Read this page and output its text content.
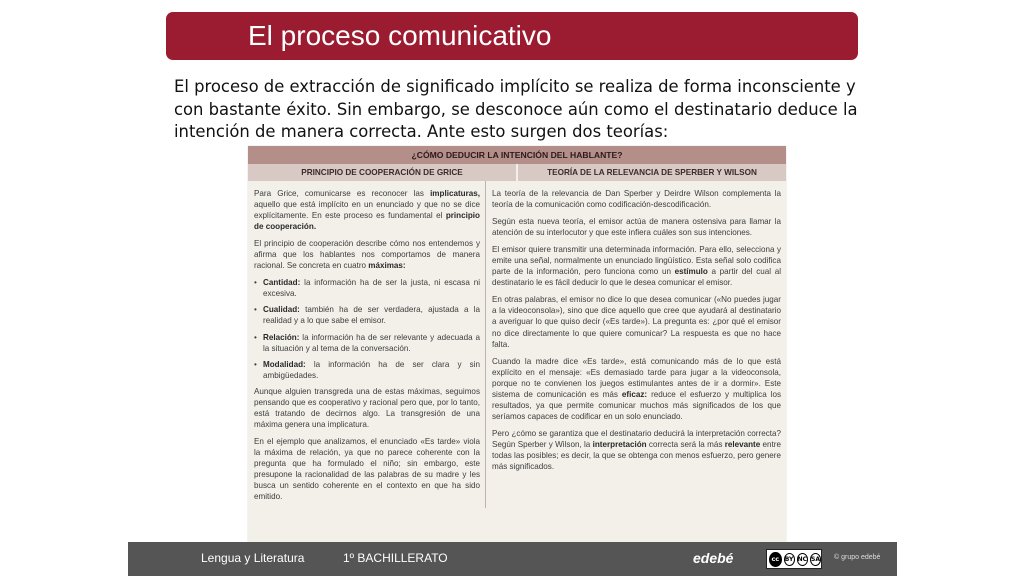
El proceso comunicativo
El proceso de extracción de significado implícito se realiza de forma inconsciente y con bastante éxito. Sin embargo, se desconoce aún como el destinatario deduce la intención de manera correcta. Ante esto surgen dos teorías:
¿CÓMO DEDUCIR LA INTENCIÓN DEL HABLANTE?
PRINCIPIO DE COOPERACIÓN DE GRICE	TEORÍA DE LA RELEVANCIA DE SPERBER Y WILSON

Para Grice, comunicarse es reconocer las implicaturas, aquello que está implícito en un enunciado y que no se dice explícitamente. En este proceso es fundamental el principio de cooperación.

El principio de cooperación describe cómo nos entendemos y afirma que los hablantes nos comportamos de manera racional. Se concreta en cuatro máximas:

• Cantidad: la información ha de ser la justa, ni escasa ni excesiva.
• Cualidad: también ha de ser verdadera, ajustada a la realidad y a lo que sabe el emisor.
• Relación: la información ha de ser relevante y adecuada a la situación y al tema de la conversación.
• Modalidad: la información ha de ser clara y sin ambigüedades.

Aunque alguien transgreda una de estas máximas, seguimos pensando que es cooperativo y racional pero que, por lo tanto, está tratando de decirnos algo. La transgresión de una máxima genera una implicatura.

En el ejemplo que analizamos, el enunciado «Es tarde» viola la máxima de relación, ya que no parece coherente con la pregunta que ha formulado el niño; sin embargo, este presupone la racionalidad de las palabras de su madre y les busca un sentido coherente en el contexto en que ha sido emitido.

La teoría de la relevancia de Dan Sperber y Deirdre Wilson complementa la teoría de la comunicación como codificación-descodificación.

Según esta nueva teoría, el emisor actúa de manera ostensiva para llamar la atención de su interlocutor y que este infiera cuáles son sus intenciones.

El emisor quiere transmitir una determinada información. Para ello, selecciona y emite una señal, normalmente un enunciado lingüístico. Esta señal solo codifica parte de la información, pero funciona como un estímulo a partir del cual al destinatario le es fácil deducir lo que le desea comunicar el emisor.

En otras palabras, el emisor no dice lo que desea comunicar («No puedes jugar a la videoconsola»), sino que dice aquello que cree que ayudará al destinatario a averiguar lo que quiso decir («Es tarde»). La pregunta es: ¿por qué el emisor no dice directamente lo que quiere comunicar? La respuesta es que no hace falta.

Cuando la madre dice «Es tarde», está comunicando más de lo que está explícito en el mensaje: «Es demasiado tarde para jugar a la videoconsola, porque no te convienen los juegos estimulantes antes de ir a dormir». Este sistema de comunicación es más eficaz: reduce el esfuerzo y multiplica los resultados, ya que permite comunicar muchos más significados de los que seríamos capaces de codificar en un solo enunciado.

Pero ¿cómo se garantiza que el destinatario deducirá la interpretación correcta? Según Sperber y Wilson, la interpretación correcta será la más relevante entre todas las posibles; es decir, la que se obtenga con menos esfuerzo, pero genere más significados.

Lengua y Literatura	1º BACHILLERATO	edebé	cc BY NC SA © grupo edebé
